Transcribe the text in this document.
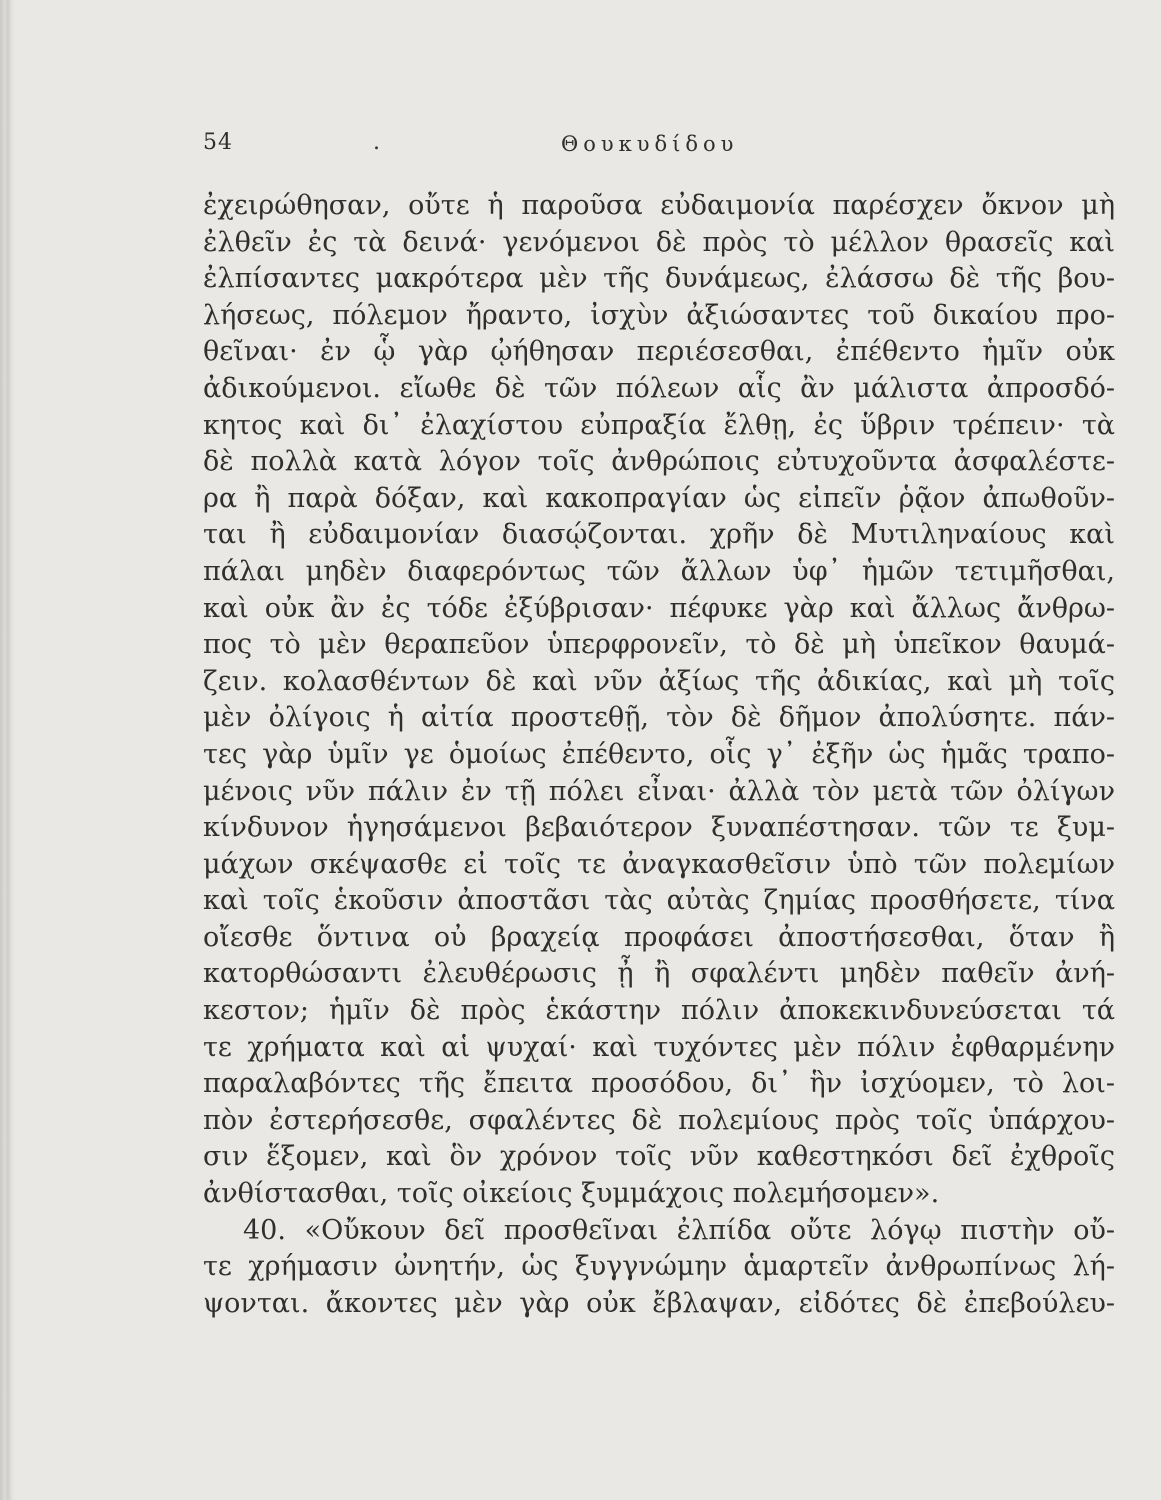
54	.	Θουκυδίδου
ἐχειρώθησαν, οὔτε ἡ παροῦσα εὐδαιμονία παρέσχεν ὄκνον μὴ
ἐλθεῖν ἐς τὰ δεινά· γενόμενοι δὲ πρὸς τὸ μέλλον θρασεῖς καὶ
ἐλπίσαντες μακρότερα μὲν τῆς δυνάμεως, ἐλάσσω δὲ τῆς βου-
λήσεως, πόλεμον ἤραντο, ἰσχὺν ἀξιώσαντες τοῦ δικαίου προ-
θεῖναι· ἐν ᾧ γὰρ ᾠήθησαν περιέσεσθαι, ἐπέθεντο ἡμῖν οὐκ
ἀδικούμενοι. εἴωθε δὲ τῶν πόλεων αἷς ἂν μάλιστα ἀπροσδό-
κητος καὶ δι᾽ ἐλαχίστου εὐπραξία ἔλθῃ, ἐς ὕβριν τρέπειν· τὰ
δὲ πολλὰ κατὰ λόγον τοῖς ἀνθρώποις εὐτυχοῦντα ἀσφαλέστε-
ρα ἢ παρὰ δόξαν, καὶ κακοπραγίαν ὡς εἰπεῖν ῥᾷον ἀπωθοῦν-
ται ἢ εὐδαιμονίαν διασῴζονται. χρῆν δὲ Μυτιληναίους καὶ
πάλαι μηδὲν διαφερόντως τῶν ἄλλων ὑφ᾽ ἡμῶν τετιμῆσθαι,
καὶ οὐκ ἂν ἐς τόδε ἐξύβρισαν· πέφυκε γὰρ καὶ ἄλλως ἄνθρω-
πος τὸ μὲν θεραπεῦον ὑπερφρονεῖν, τὸ δὲ μὴ ὑπεῖκον θαυμά-
ζειν. κολασθέντων δὲ καὶ νῦν ἀξίως τῆς ἀδικίας, καὶ μὴ τοῖς
μὲν ὀλίγοις ἡ αἰτία προστεθῇ, τὸν δὲ δῆμον ἀπολύσητε. πάν-
τες γὰρ ὑμῖν γε ὁμοίως ἐπέθεντο, οἷς γ᾽ ἐξῆν ὡς ἡμᾶς τραπο-
μένοις νῦν πάλιν ἐν τῇ πόλει εἶναι· ἀλλὰ τὸν μετὰ τῶν ὀλίγων
κίνδυνον ἡγησάμενοι βεβαιότερον ξυναπέστησαν. τῶν τε ξυμ-
μάχων σκέψασθε εἰ τοῖς τε ἀναγκασθεῖσιν ὑπὸ τῶν πολεμίων
καὶ τοῖς ἑκοῦσιν ἀποστᾶσι τὰς αὐτὰς ζημίας προσθήσετε, τίνα
οἴεσθε ὅντινα οὐ βραχείᾳ προφάσει ἀποστήσεσθαι, ὅταν ἢ
κατορθώσαντι ἐλευθέρωσις ᾖ ἢ σφαλέντι μηδὲν παθεῖν ἀνή-
κεστον; ἡμῖν δὲ πρὸς ἑκάστην πόλιν ἀποκεκινδυνεύσεται τά
τε χρήματα καὶ αἱ ψυχαί· καὶ τυχόντες μὲν πόλιν ἐφθαρμένην
παραλαβόντες τῆς ἔπειτα προσόδου, δι᾽ ἣν ἰσχύομεν, τὸ λοι-
πὸν ἐστερήσεσθε, σφαλέντες δὲ πολεμίους πρὸς τοῖς ὑπάρχου-
σιν ἕξομεν, καὶ ὃν χρόνον τοῖς νῦν καθεστηκόσι δεῖ ἐχθροῖς
ἀνθίστασθαι, τοῖς οἰκείοις ξυμμάχοις πολεμήσομεν».
40. «Οὔκουν δεῖ προσθεῖναι ἐλπίδα οὔτε λόγῳ πιστὴν οὔ-
τε χρήμασιν ὠνητήν, ὡς ξυγγνώμην ἁμαρτεῖν ἀνθρωπίνως λή-
ψονται. ἄκοντες μὲν γὰρ οὐκ ἔβλαψαν, εἰδότες δὲ ἐπεβούλευ-
